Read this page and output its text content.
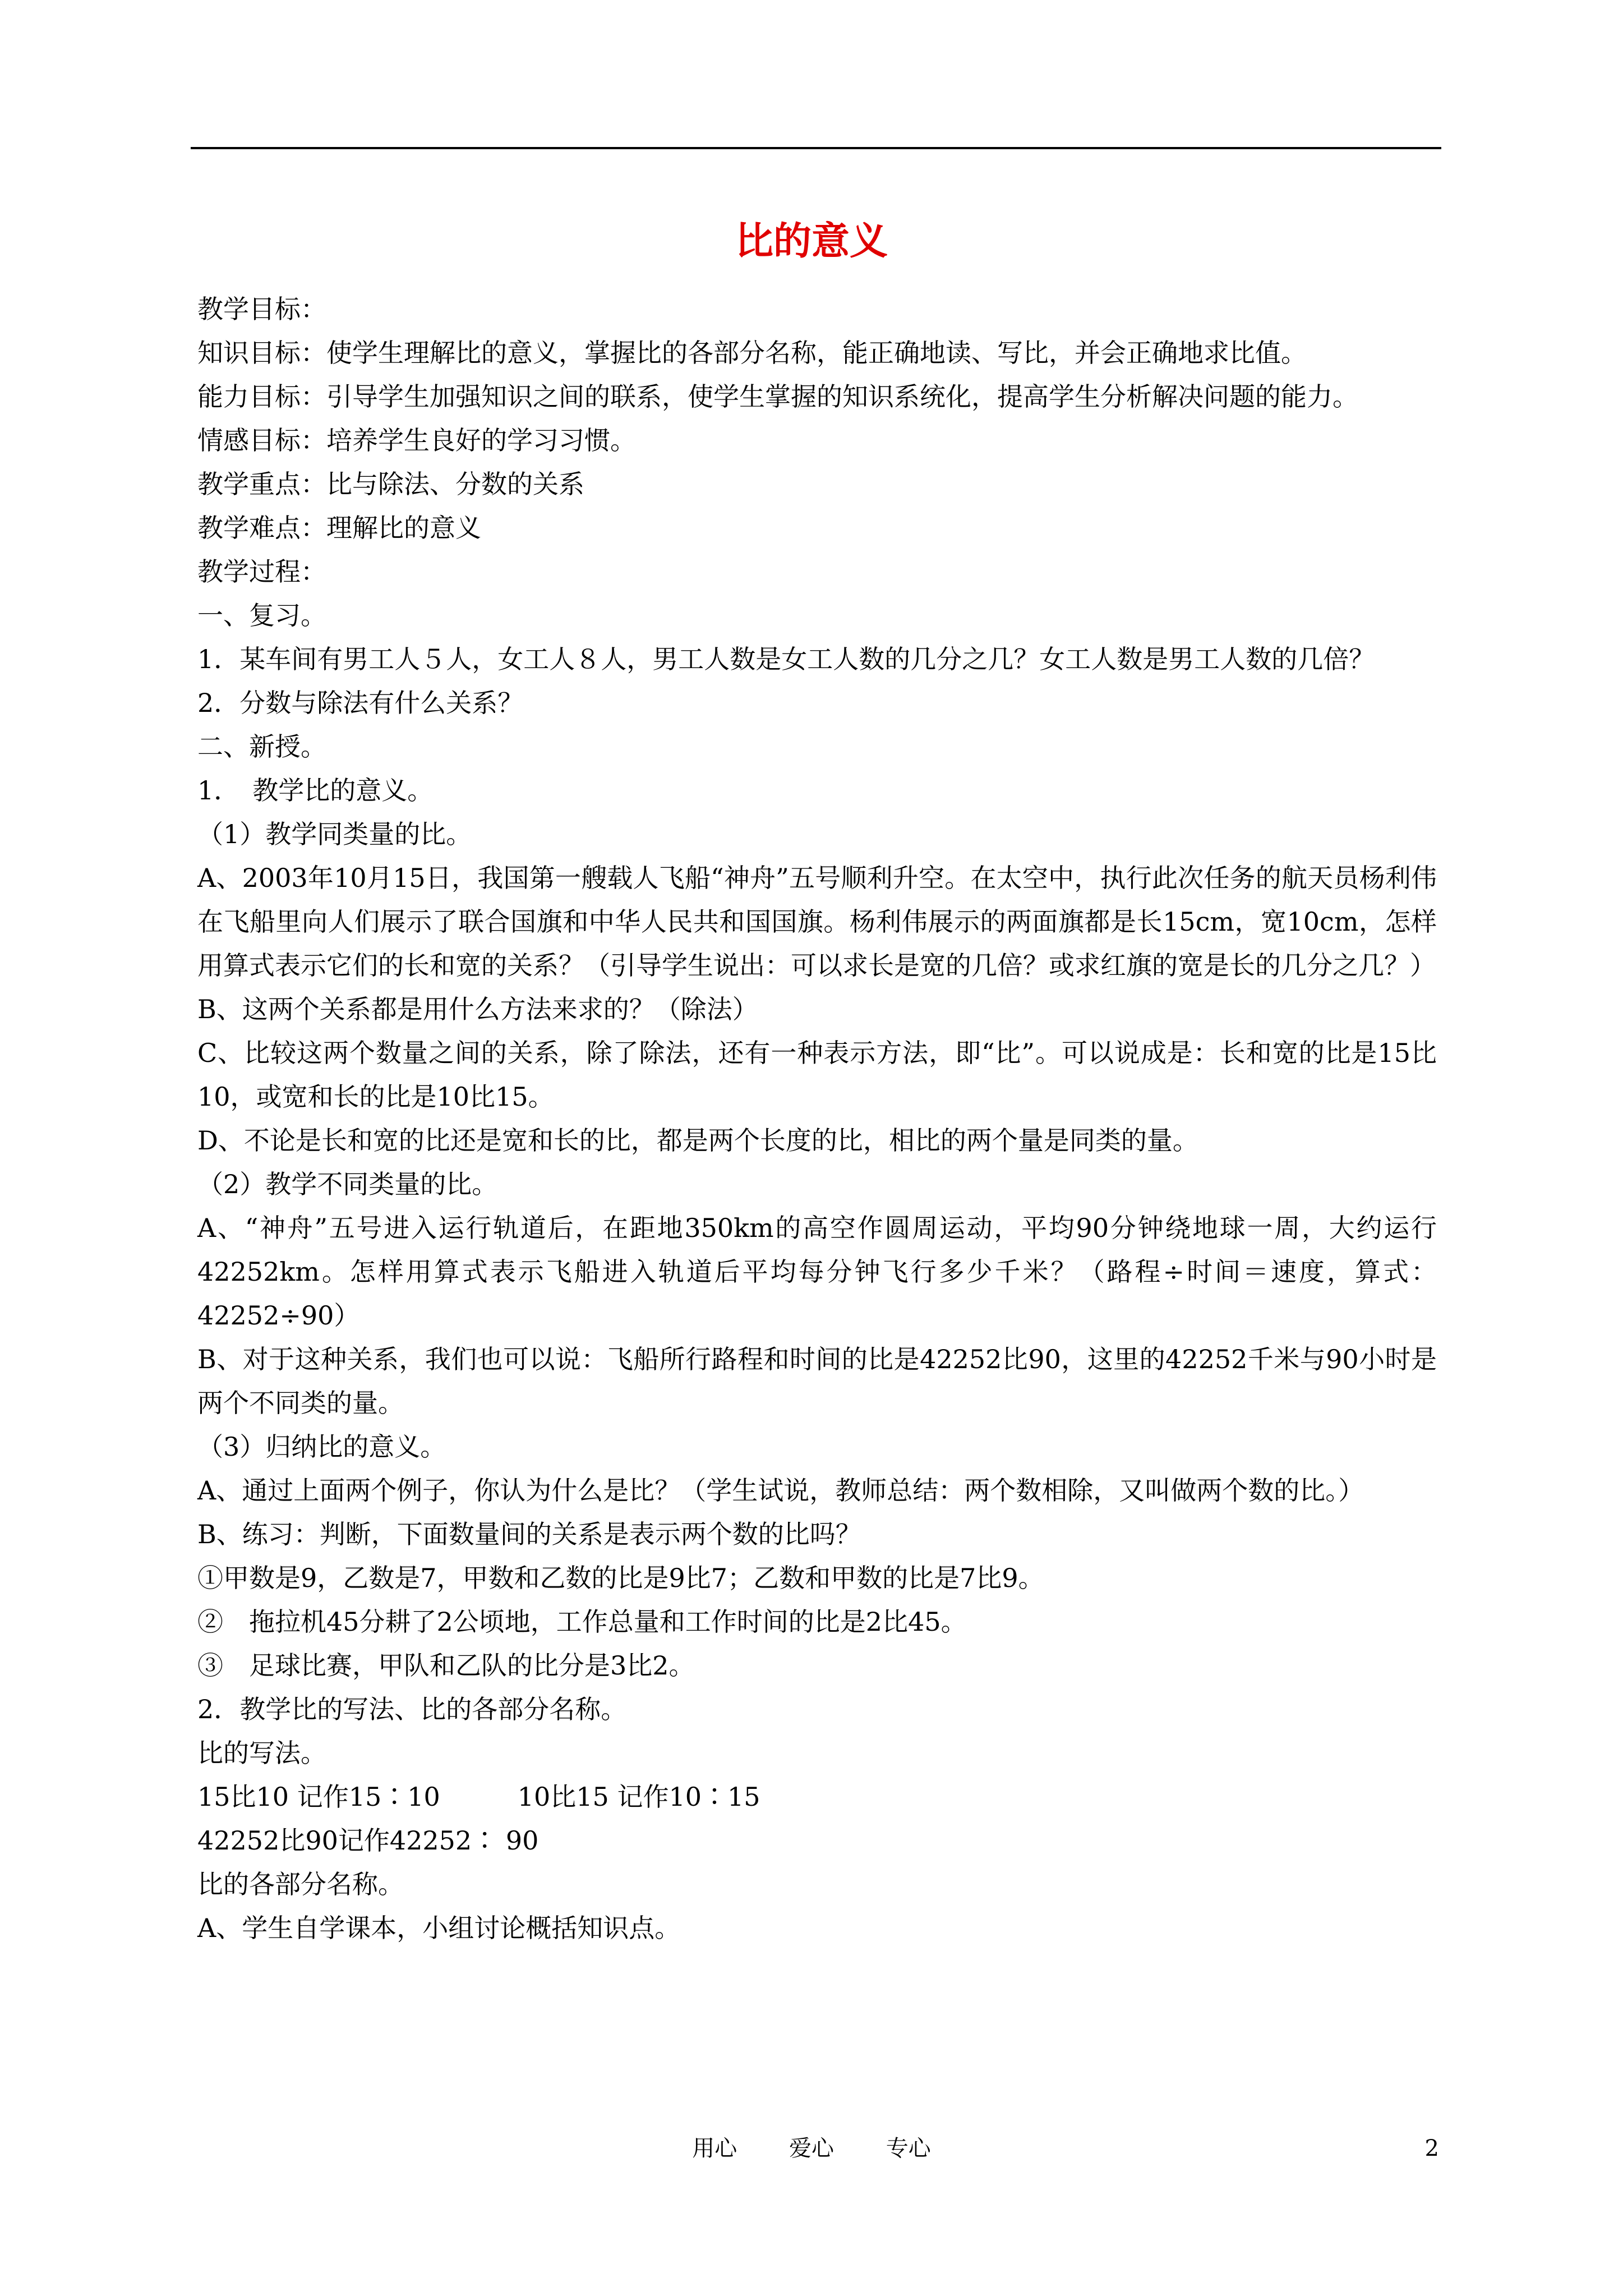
比的意义

教学目标：

知识目标：使学生理解比的意义，掌握比的各部分名称，能正确地读、写比，并会正确地求比值。

能力目标：引导学生加强知识之间的联系，使学生掌握的知识系统化，提高学生分析解决问题的能力。

情感目标：培养学生良好的学习习惯。

教学重点：比与除法、分数的关系

教学难点：理解比的意义

教学过程：

一、复习。

1．某车间有男工人５人，女工人８人，男工人数是女工人数的几分之几？女工人数是男工人数的几倍？

2．分数与除法有什么关系？

二、新授。

1．　教学比的意义。

（1）教学同类量的比。

A、2003年10月15日，我国第一艘载人飞船“神舟”五号顺利升空。在太空中，执行此次任务的航天员杨利伟在飞船里向人们展示了联合国旗和中华人民共和国国旗。杨利伟展示的两面旗都是长15cm，宽10cm，怎样用算式表示它们的长和宽的关系？（引导学生说出：可以求长是宽的几倍？或求红旗的宽是长的几分之几？）

B、这两个关系都是用什么方法来求的？（除法）

C、比较这两个数量之间的关系，除了除法，还有一种表示方法，即“比”。可以说成是：长和宽的比是15比10，或宽和长的比是10比15。

D、不论是长和宽的比还是宽和长的比，都是两个长度的比，相比的两个量是同类的量。

（2）教学不同类量的比。

A、“神舟”五号进入运行轨道后，在距地350km的高空作圆周运动，平均90分钟绕地球一周，大约运行42252km。怎样用算式表示飞船进入轨道后平均每分钟飞行多少千米？（路程÷时间＝速度，算式：42252÷90）

B、对于这种关系，我们也可以说：飞船所行路程和时间的比是42252比90，这里的42252千米与90小时是两个不同类的量。

（3）归纳比的意义。

A、通过上面两个例子，你认为什么是比？（学生试说，教师总结：两个数相除，又叫做两个数的比。）

B、练习：判断，下面数量间的关系是表示两个数的比吗？

①甲数是9，乙数是7，甲数和乙数的比是9比7；乙数和甲数的比是7比9。

②　拖拉机45分耕了2公顷地，工作总量和工作时间的比是2比45。

③　足球比赛，甲队和乙队的比分是3比2。

2．教学比的写法、比的各部分名称。

比的写法。

15比10 记作15∶10　　　10比15 记作10∶15

42252比90记作42252∶ 90

比的各部分名称。

A、学生自学课本，小组讨论概括知识点。

用心 爱心 专心	2
